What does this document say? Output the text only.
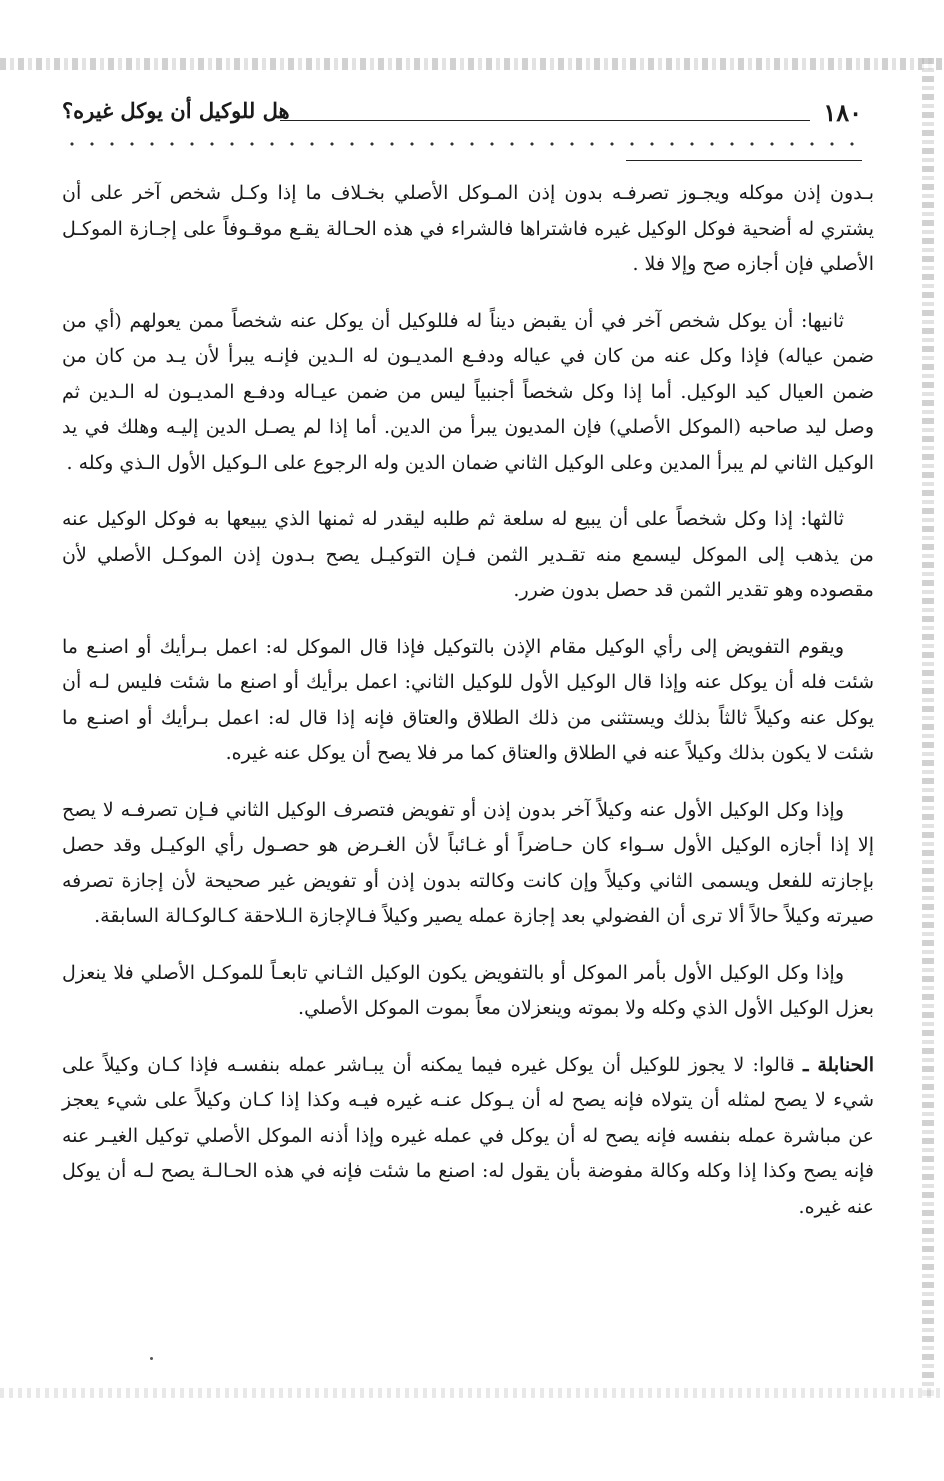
١٨٠
هل للوكيل أن يوكل غيره؟

بـدون إذن موكله ويجـوز تصرفـه بدون إذن المـوكل الأصلي بخـلاف ما إذا وكـل شخص آخر على أن يشتري له أضحية فوكل الوكيل غيره فاشتراها فالشراء في هذه الحـالة يقـع موقـوفاً على إجـازة الموكـل الأصلي فإن أجازه صح وإلا فلا .

ثانيها: أن يوكل شخص آخر في أن يقبض ديناً له فللوكيل أن يوكل عنه شخصاً ممن يعولهم (أي من ضمن عياله) فإذا وكل عنه من كان في عياله ودفـع المديـون له الـدين فإنـه يبرأ لأن يـد من كان من ضمن العيال كيد الوكيل. أما إذا وكل شخصاً أجنبياً ليس من ضمن عيـاله ودفـع المديـون له الـدين ثم وصل ليد صاحبه (الموكل الأصلي) فإن المديون يبرأ من الدين. أما إذا لم يصـل الدين إليـه وهلك في يد الوكيل الثاني لم يبرأ المدين وعلى الوكيل الثاني ضمان الدين وله الرجوع على الـوكيل الأول الـذي وكله .

ثالثها: إذا وكل شخصاً على أن يبيع له سلعة ثم طلبه ليقدر له ثمنها الذي يبيعها به فوكل الوكيل عنه من يذهب إلى الموكل ليسمع منه تقـدير الثمن فـإن التوكيـل يصح بـدون إذن الموكـل الأصلي لأن مقصوده وهو تقدير الثمن قد حصل بدون ضرر.

ويقوم التفويض إلى رأي الوكيل مقام الإذن بالتوكيل فإذا قال الموكل له: اعمل بـرأيك أو اصنـع ما شئت فله أن يوكل عنه وإذا قال الوكيل الأول للوكيل الثاني: اعمل برأيك أو اصنع ما شئت فليس لـه أن يوكل عنه وكيلاً ثالثاً بذلك ويستثنى من ذلك الطلاق والعتاق فإنه إذا قال له: اعمل بـرأيك أو اصنـع ما شئت لا يكون بذلك وكيلاً عنه في الطلاق والعتاق كما مر فلا يصح أن يوكل عنه غيره.

وإذا وكل الوكيل الأول عنه وكيلاً آخر بدون إذن أو تفويض فتصرف الوكيل الثاني فـإن تصرفـه لا يصح إلا إذا أجازه الوكيل الأول سـواء كان حـاضراً أو غـائباً لأن الغـرض هو حصـول رأي الوكيـل وقد حصل بإجازته للفعل ويسمى الثاني وكيلاً وإن كانت وكالته بدون إذن أو تفويض غير صحيحة لأن إجازة تصرفه صيرته وكيلاً حالاً ألا ترى أن الفضولي بعد إجازة عمله يصير وكيلاً فـالإجازة الـلاحقة كـالوكـالة السابقة.

وإذا وكل الوكيل الأول بأمر الموكل أو بالتفويض يكون الوكيل الثـاني تابعـاً للموكـل الأصلي فلا ينعزل بعزل الوكيل الأول الذي وكله ولا بموته وينعزلان معاً بموت الموكل الأصلي.

الحنابلة ـ قالوا: لا يجوز للوكيل أن يوكل غيره فيما يمكنه أن يبـاشر عمله بنفسـه فإذا كـان وكيلاً على شيء لا يصح لمثله أن يتولاه فإنه يصح له أن يـوكل عنـه غيره فيـه وكذا إذا كـان وكيلاً على شيء يعجز عن مباشرة عمله بنفسه فإنه يصح له أن يوكل في عمله غيره وإذا أذنه الموكل الأصلي توكيل الغيـر عنه فإنه يصح وكذا إذا وكله وكالة مفوضة بأن يقول له: اصنع ما شئت فإنه في هذه الحـالـة يصح لـه أن يوكل عنه غيره.
